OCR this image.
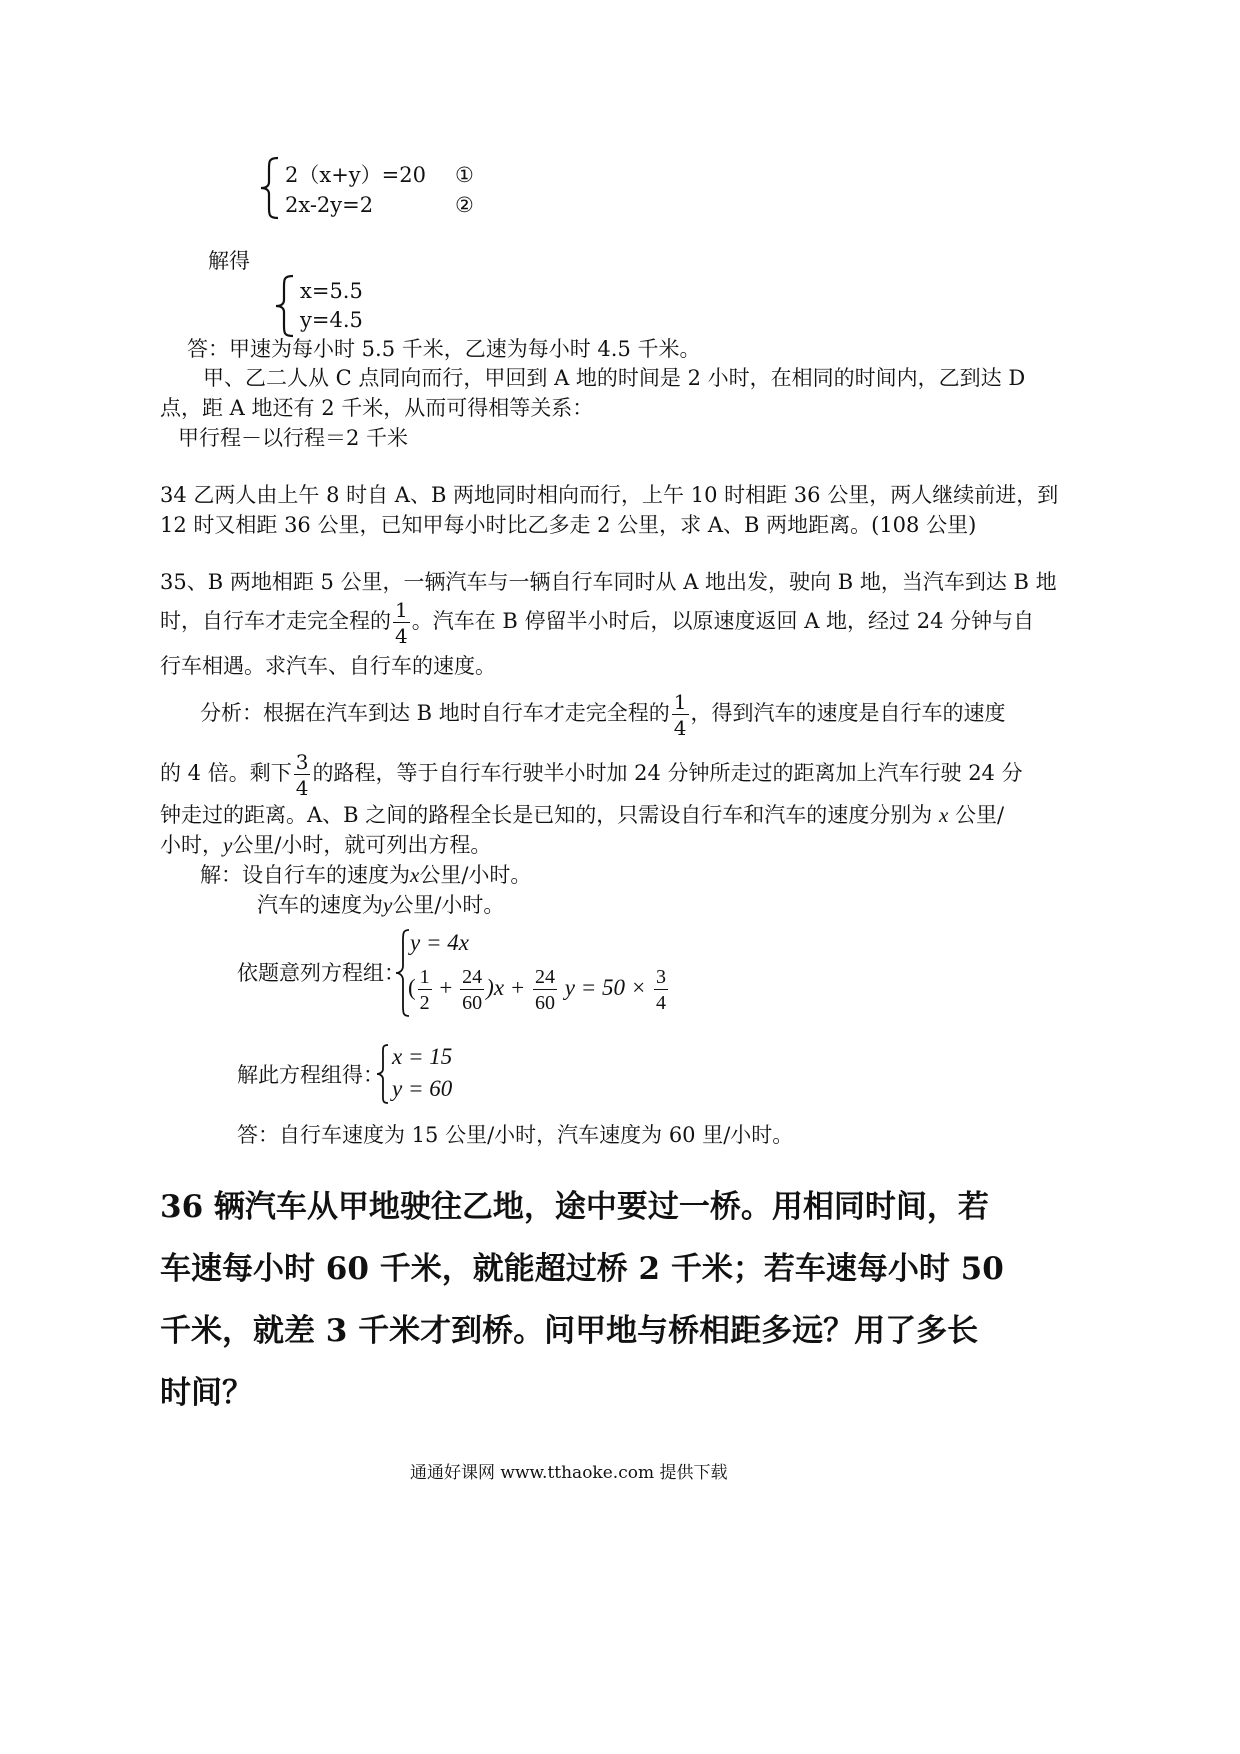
2（x+y）=20 ①
2x-2y=2	②
解得
x=5.5
y=4.5
答：甲速为每小时 5.5 千米，乙速为每小时 4.5 千米。
甲、乙二人从 C 点同向而行，甲回到 A 地的时间是 2 小时，在相同的时间内，乙到达 D
点，距 A 地还有 2 千米，从而可得相等关系：
甲行程－以行程＝2 千米
34 乙两人由上午 8 时自 A、B 两地同时相向而行，上午 10 时相距 36 公里，两人继续前进，到
12 时又相距 36 公里，已知甲每小时比乙多走 2 公里，求 A、B 两地距离。(108 公里)
35、B 两地相距 5 公里，一辆汽车与一辆自行车同时从 A 地出发，驶向 B 地，当汽车到达 B 地
时，自行车才走完全程的 $\frac{1}{4}$ 。汽车在 B 停留半小时后，以原速度返回 A 地，经过 24 分钟与自
行车相遇。求汽车、自行车的速度。
分析：根据在汽车到达 B 地时自行车才走完全程的 $\frac{1}{4}$ ，得到汽车的速度是自行车的速度
的 4 倍。剩下 $\frac{3}{4}$ 的路程，等于自行车行驶半小时加 24 分钟所走过的距离加上汽车行驶 24 分
钟走过的距离。A、B 之间的路程全长是已知的，只需设自行车和汽车的速度分别为 x 公里/
小时，y公里/小时，就可列出方程。
解：设自行车的速度为x公里/小时。
汽车的速度为y公里/小时。
依题意列方程组：
y = 4x
( $\frac{1}{2} + \frac{24}{60} )x + \frac{24}{60}$ $y = 50 \times \frac{3}{4}$
解此方程组得：
x = 15
y = 60
答：自行车速度为 15 公里/小时，汽车速度为 60 里/小时。
36 辆汽车从甲地驶往乙地，途中要过一桥。用相同时间，若
车速每小时 60 千米，就能超过桥 2 千米；若车速每小时 50
千米，就差 3 千米才到桥。问甲地与桥相距多远？用了多长
时间？
通通好课网 www.tthaoke.com 提供下载
